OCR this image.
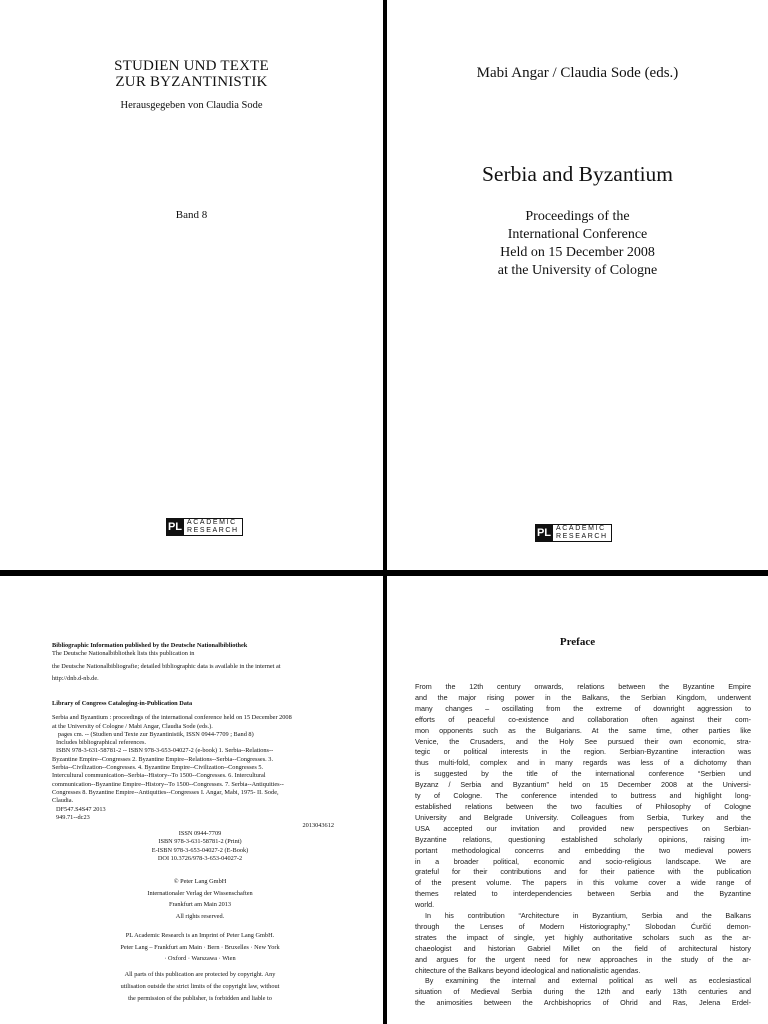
STUDIEN UND TEXTE
ZUR BYZANTINISTIK
Herausgegeben von Claudia Sode
Band 8
PL ACADEMIC
RESEARCH
Mabi Angar / Claudia Sode (eds.)
Serbia and Byzantium
Proceedings of the
International Conference
Held on 15 December 2008
at the University of Cologne
PL ACADEMIC
RESEARCH
Bibliographic Information published by the Deutsche Nationalbibliothek
The Deutsche Nationalbibliothek lists this publication in
the Deutsche Nationalbibliografie; detailed bibliographic data is available in the internet at
http://dnb.d-nb.de.
Library of Congress Cataloging-in-Publication Data
Serbia and Byzantium : proceedings of the international conference held on 15 December 2008
at the University of Cologne / Mabi Angar, Claudia Sode (eds.).
pages cm. -- (Studien und Texte zur Byzantinistik, ISSN 0944-7709 ; Band 8)
Includes bibliographical references.
ISBN 978-3-631-58781-2 -- ISBN 978-3-653-04027-2 (e-book) 1. Serbia--Relations--
Byzantine Empire--Congresses 2. Byzantine Empire--Relations--Serbia--Congresses. 3.
Serbia--Civilization--Congresses. 4. Byzantine Empire--Civilization--Congresses 5.
Intercultural communication--Serbia--History--To 1500--Congresses. 6. Intercultural
communication--Byzantine Empire--History--To 1500--Congresses. 7. Serbia--Antiquities--
Congresses 8. Byzantine Empire--Antiquities--Congresses I. Angar, Mabi, 1975- II. Sode,
Claudia.
DF547.S4S47 2013
949.71--dc23
2013043612
ISSN 0944-7709
ISBN 978-3-631-58781-2 (Print)
E-ISBN 978-3-653-04027-2 (E-Book)
DOI 10.3726/978-3-653-04027-2
© Peter Lang GmbH
Internationaler Verlag der Wissenschaften
Frankfurt am Main 2013
All rights reserved.
PL Academic Research is an Imprint of Peter Lang GmbH.
Peter Lang – Frankfurt am Main · Bern · Bruxelles · New York
· Oxford · Warszawa · Wien
All parts of this publication are protected by copyright. Any
utilisation outside the strict limits of the copyright law, without
the permission of the publisher, is forbidden and liable to
Preface

From the 12th century onwards, relations between the Byzantine Empire
and the major rising power in the Balkans, the Serbian Kingdom, underwent
many changes – oscillating from the extreme of downright aggression to
efforts of peaceful co-existence and collaboration often against their com-
mon opponents such as the Bulgarians. At the same time, other parties like
Venice, the Crusaders, and the Holy See pursued their own economic, stra-
tegic or political interests in the region. Serbian-Byzantine interaction was
thus multi-fold, complex and in many regards was less of a dichotomy than
is suggested by the title of the international conference “Serbien und
Byzanz / Serbia and Byzantium” held on 15 December 2008 at the Universi-
ty of Cologne. The conference intended to buttress and highlight long-
established relations between the two faculties of Philosophy of Cologne
University and Belgrade University. Colleagues from Serbia, Turkey and the
USA accepted our invitation and provided new perspectives on Serbian-
Byzantine relations, questioning established scholarly opinions, raising im-
portant methodological concerns and embedding the two medieval powers
in a broader political, economic and socio-religious landscape. We are
grateful for their contributions and for their patience with the publication
of the present volume. The papers in this volume cover a wide range of
themes related to interdependencies between Serbia and the Byzantine
world.

In his contribution “Architecture in Byzantium, Serbia and the Balkans
through the Lenses of Modern Historiography,” Slobodan Ćurčić demon-
strates the impact of single, yet highly authoritative scholars such as the ar-
chaeologist and historian Gabriel Millet on the field of architectural history
and argues for the urgent need for new approaches in the study of the ar-
chitecture of the Balkans beyond ideological and nationalistic agendas.

By examining the internal and external political as well as ecclesiastical
situation of Medieval Serbia during the 12th and early 13th centuries and
the animosities between the Archbishoprics of Ohrid and Ras, Jelena Erdel-
